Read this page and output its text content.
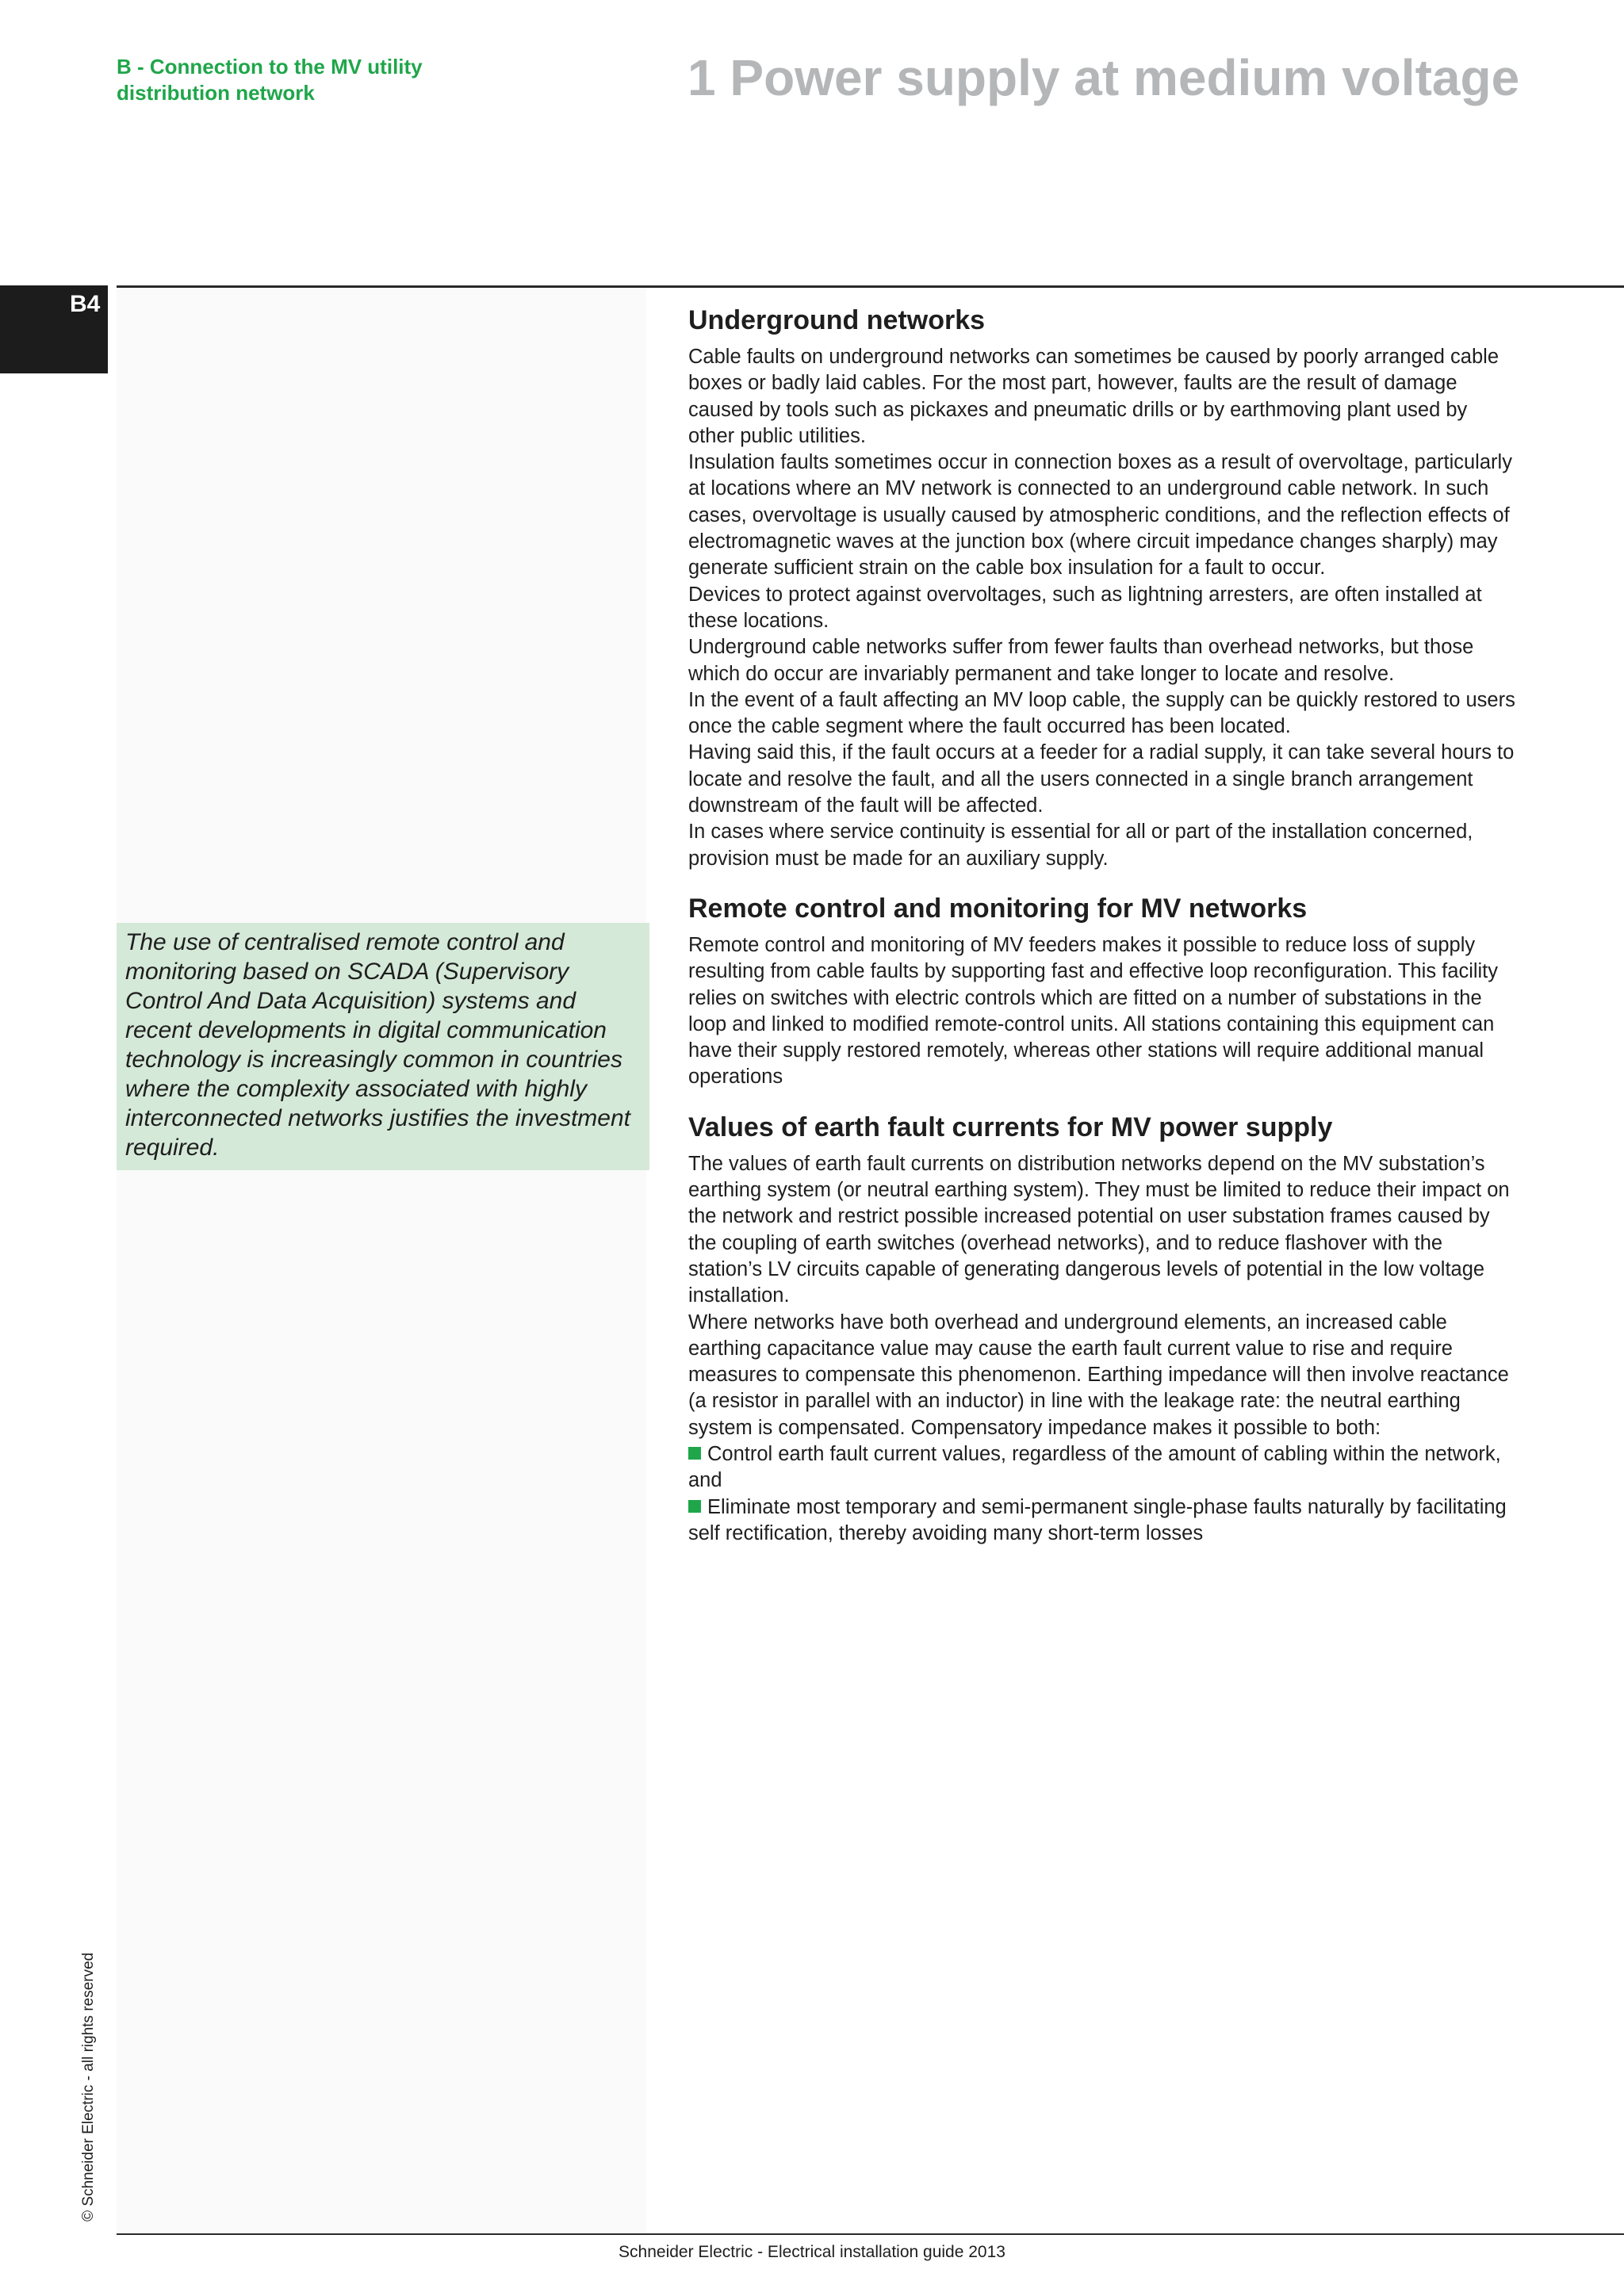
B - Connection to the MV utility distribution network	1 Power supply at medium voltage
B4

The use of centralised remote control and monitoring based on SCADA (Supervisory Control And Data Acquisition) systems and recent developments in digital communication technology is increasingly common in countries where the complexity associated with highly interconnected networks justifies the investment required.

Underground networks

Cable faults on underground networks can sometimes be caused by poorly arranged cable boxes or badly laid cables. For the most part, however, faults are the result of damage caused by tools such as pickaxes and pneumatic drills or by earthmoving plant used by other public utilities.

Insulation faults sometimes occur in connection boxes as a result of overvoltage, particularly at locations where an MV network is connected to an underground cable network. In such cases, overvoltage is usually caused by atmospheric conditions, and the reflection effects of electromagnetic waves at the junction box (where circuit impedance changes sharply) may generate sufficient strain on the cable box insulation for a fault to occur.

Devices to protect against overvoltages, such as lightning arresters, are often installed at these locations.

Underground cable networks suffer from fewer faults than overhead networks, but those which do occur are invariably permanent and take longer to locate and resolve.

In the event of a fault affecting an MV loop cable, the supply can be quickly restored to users once the cable segment where the fault occurred has been located.

Having said this, if the fault occurs at a feeder for a radial supply, it can take several hours to locate and resolve the fault, and all the users connected in a single branch arrangement downstream of the fault will be affected.

In cases where service continuity is essential for all or part of the installation concerned, provision must be made for an auxiliary supply.

Remote control and monitoring for MV networks

Remote control and monitoring of MV feeders makes it possible to reduce loss of supply resulting from cable faults by supporting fast and effective loop reconfiguration. This facility relies on switches with electric controls which are fitted on a number of substations in the loop and linked to modified remote-control units. All stations containing this equipment can have their supply restored remotely, whereas other stations will require additional manual operations

Values of earth fault currents for MV power supply

The values of earth fault currents on distribution networks depend on the MV substation’s earthing system (or neutral earthing system). They must be limited to reduce their impact on the network and restrict possible increased potential on user substation frames caused by the coupling of earth switches (overhead networks), and to reduce flashover with the station’s LV circuits capable of generating dangerous levels of potential in the low voltage installation.

Where networks have both overhead and underground elements, an increased cable earthing capacitance value may cause the earth fault current value to rise and require measures to compensate this phenomenon. Earthing impedance will then involve reactance (a resistor in parallel with an inductor) in line with the leakage rate: the neutral earthing system is compensated. Compensatory impedance makes it possible to both:

Control earth fault current values, regardless of the amount of cabling within the network, and

Eliminate most temporary and semi-permanent single-phase faults naturally by facilitating self rectification, thereby avoiding many short-term losses

© Schneider Electric - all rights reserved
Schneider Electric - Electrical installation guide 2013
